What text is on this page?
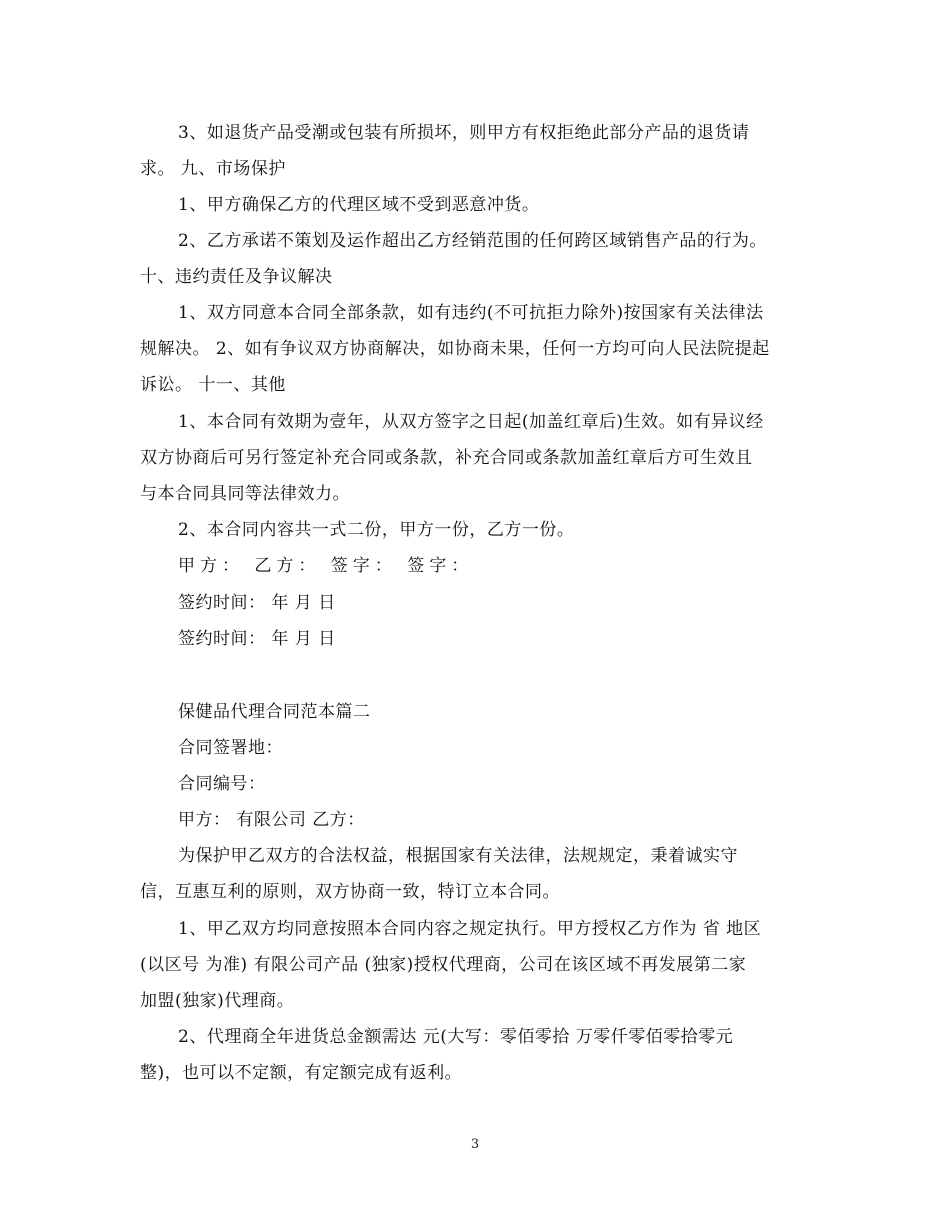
3、如退货产品受潮或包装有所损坏，则甲方有权拒绝此部分产品的退货请
求。 九、市场保护
1、甲方确保乙方的代理区域不受到恶意冲货。
2、乙方承诺不策划及运作超出乙方经销范围的任何跨区域销售产品的行为。
十、违约责任及争议解决
1、双方同意本合同全部条款，如有违约(不可抗拒力除外)按国家有关法律法
规解决。 2、如有争议双方协商解决，如协商未果，任何一方均可向人民法院提起
诉讼。 十一、其他
1、本合同有效期为壹年，从双方签字之日起(加盖红章后)生效。如有异议经
双方协商后可另行签定补充合同或条款，补充合同或条款加盖红章后方可生效且
与本合同具同等法律效力。
2、本合同内容共一式二份，甲方一份，乙方一份。
甲方： 乙方： 签字： 签字：
签约时间： 年 月 日
签约时间： 年 月 日
保健品代理合同范本篇二
合同签署地：
合同编号：
甲方： 有限公司 乙方：
为保护甲乙双方的合法权益，根据国家有关法律，法规规定，秉着诚实守
信，互惠互利的原则，双方协商一致，特订立本合同。
1、甲乙双方均同意按照本合同内容之规定执行。甲方授权乙方作为 省 地区
(以区号 为准) 有限公司产品 (独家)授权代理商，公司在该区域不再发展第二家
加盟(独家)代理商。
2、代理商全年进货总金额需达 元(大写：零佰零拾 万零仟零佰零拾零元
整)，也可以不定额，有定额完成有返利。
3
